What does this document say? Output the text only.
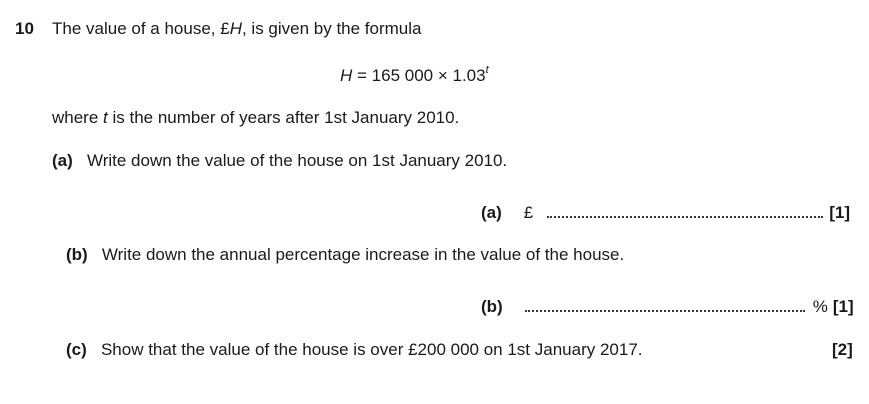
10 The value of a house, £H, is given by the formula
H = 165 $000 \times 1.03^t$
where t is the number of years after 1st January 2010.
(a) Write down the value of the house on 1st January 2010.
(a) £	[1]
(b) Write down the annual percentage increase in the value of the house.
(b)	% [1]
(c) Show that the value of the house is over £200 000 on 1st January 2017.	[2]
